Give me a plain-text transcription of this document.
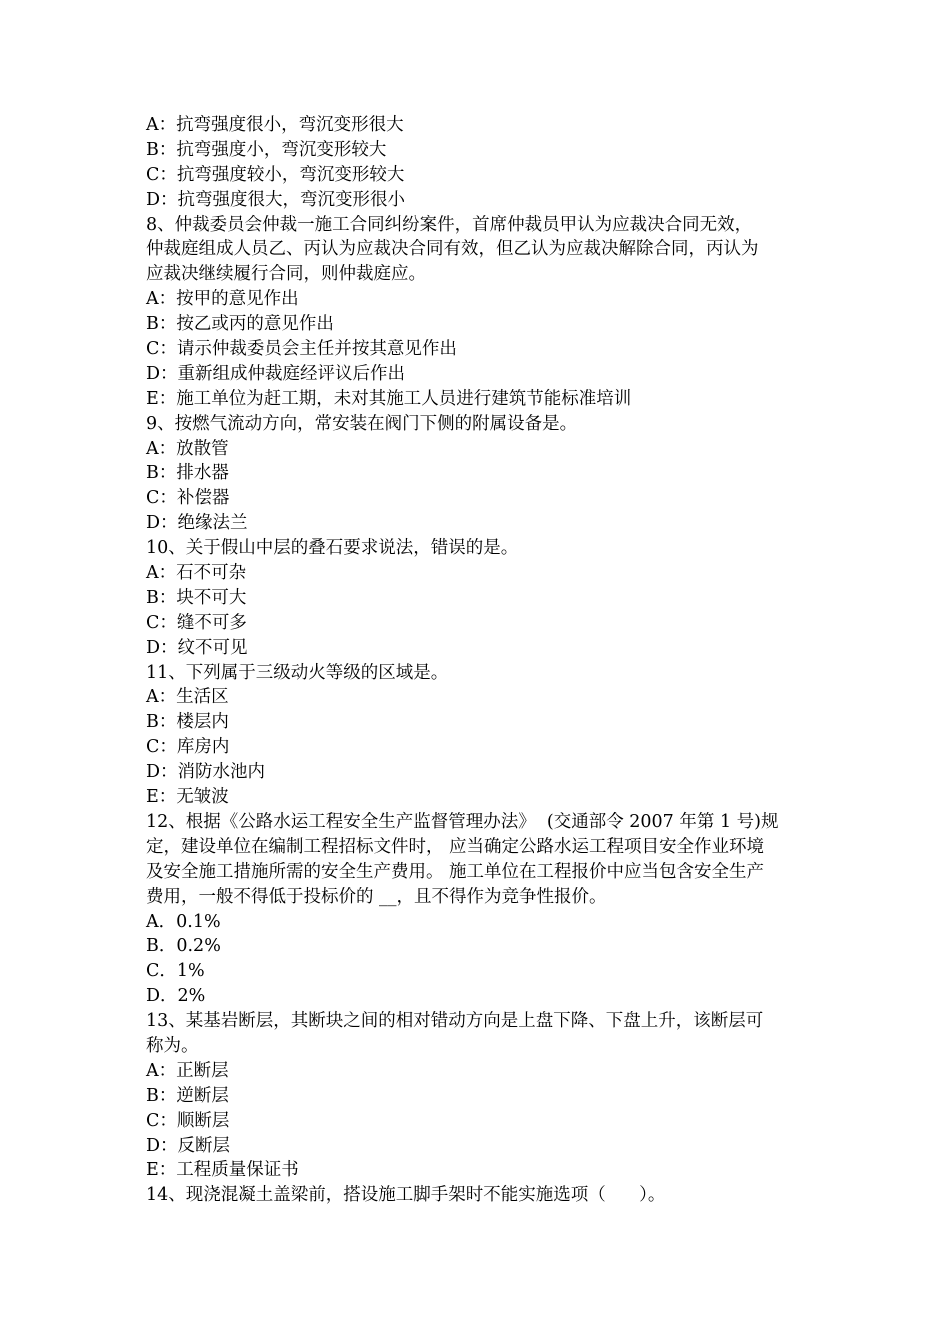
A：抗弯强度很小，弯沉变形很大
B：抗弯强度小，弯沉变形较大
C：抗弯强度较小，弯沉变形较大
D：抗弯强度很大，弯沉变形很小
8、仲裁委员会仲裁一施工合同纠纷案件，首席仲裁员甲认为应裁决合同无效，
仲裁庭组成人员乙、丙认为应裁决合同有效，但乙认为应裁决解除合同，丙认为
应裁决继续履行合同，则仲裁庭应。
A：按甲的意见作出
B：按乙或丙的意见作出
C：请示仲裁委员会主任并按其意见作出
D：重新组成仲裁庭经评议后作出
E：施工单位为赶工期，未对其施工人员进行建筑节能标准培训
9、按燃气流动方向，常安装在阀门下侧的附属设备是。
A：放散管
B：排水器
C：补偿器
D：绝缘法兰
10、关于假山中层的叠石要求说法，错误的是。
A：石不可杂
B：块不可大
C：缝不可多
D：纹不可见
11、下列属于三级动火等级的区域是。
A：生活区
B：楼层内
C：库房内
D：消防水池内
E：无皱波
12、根据《公路水运工程安全生产监督管理办法》  (交通部令 2007 年第 1 号)规
定，建设单位在编制工程招标文件时， 应当确定公路水运工程项目安全作业环境
及安全施工措施所需的安全生产费用。 施工单位在工程报价中应当包含安全生产
费用，一般不得低于投标价的 __，且不得作为竞争性报价。
A．0.1%
B．0.2%
C．1%
D．2%
13、某基岩断层，其断块之间的相对错动方向是上盘下降、下盘上升，该断层可
称为。
A：正断层
B：逆断层
C：顺断层
D：反断层
E：工程质量保证书
14、现浇混凝土盖梁前，搭设施工脚手架时不能实施选项（      ）。
